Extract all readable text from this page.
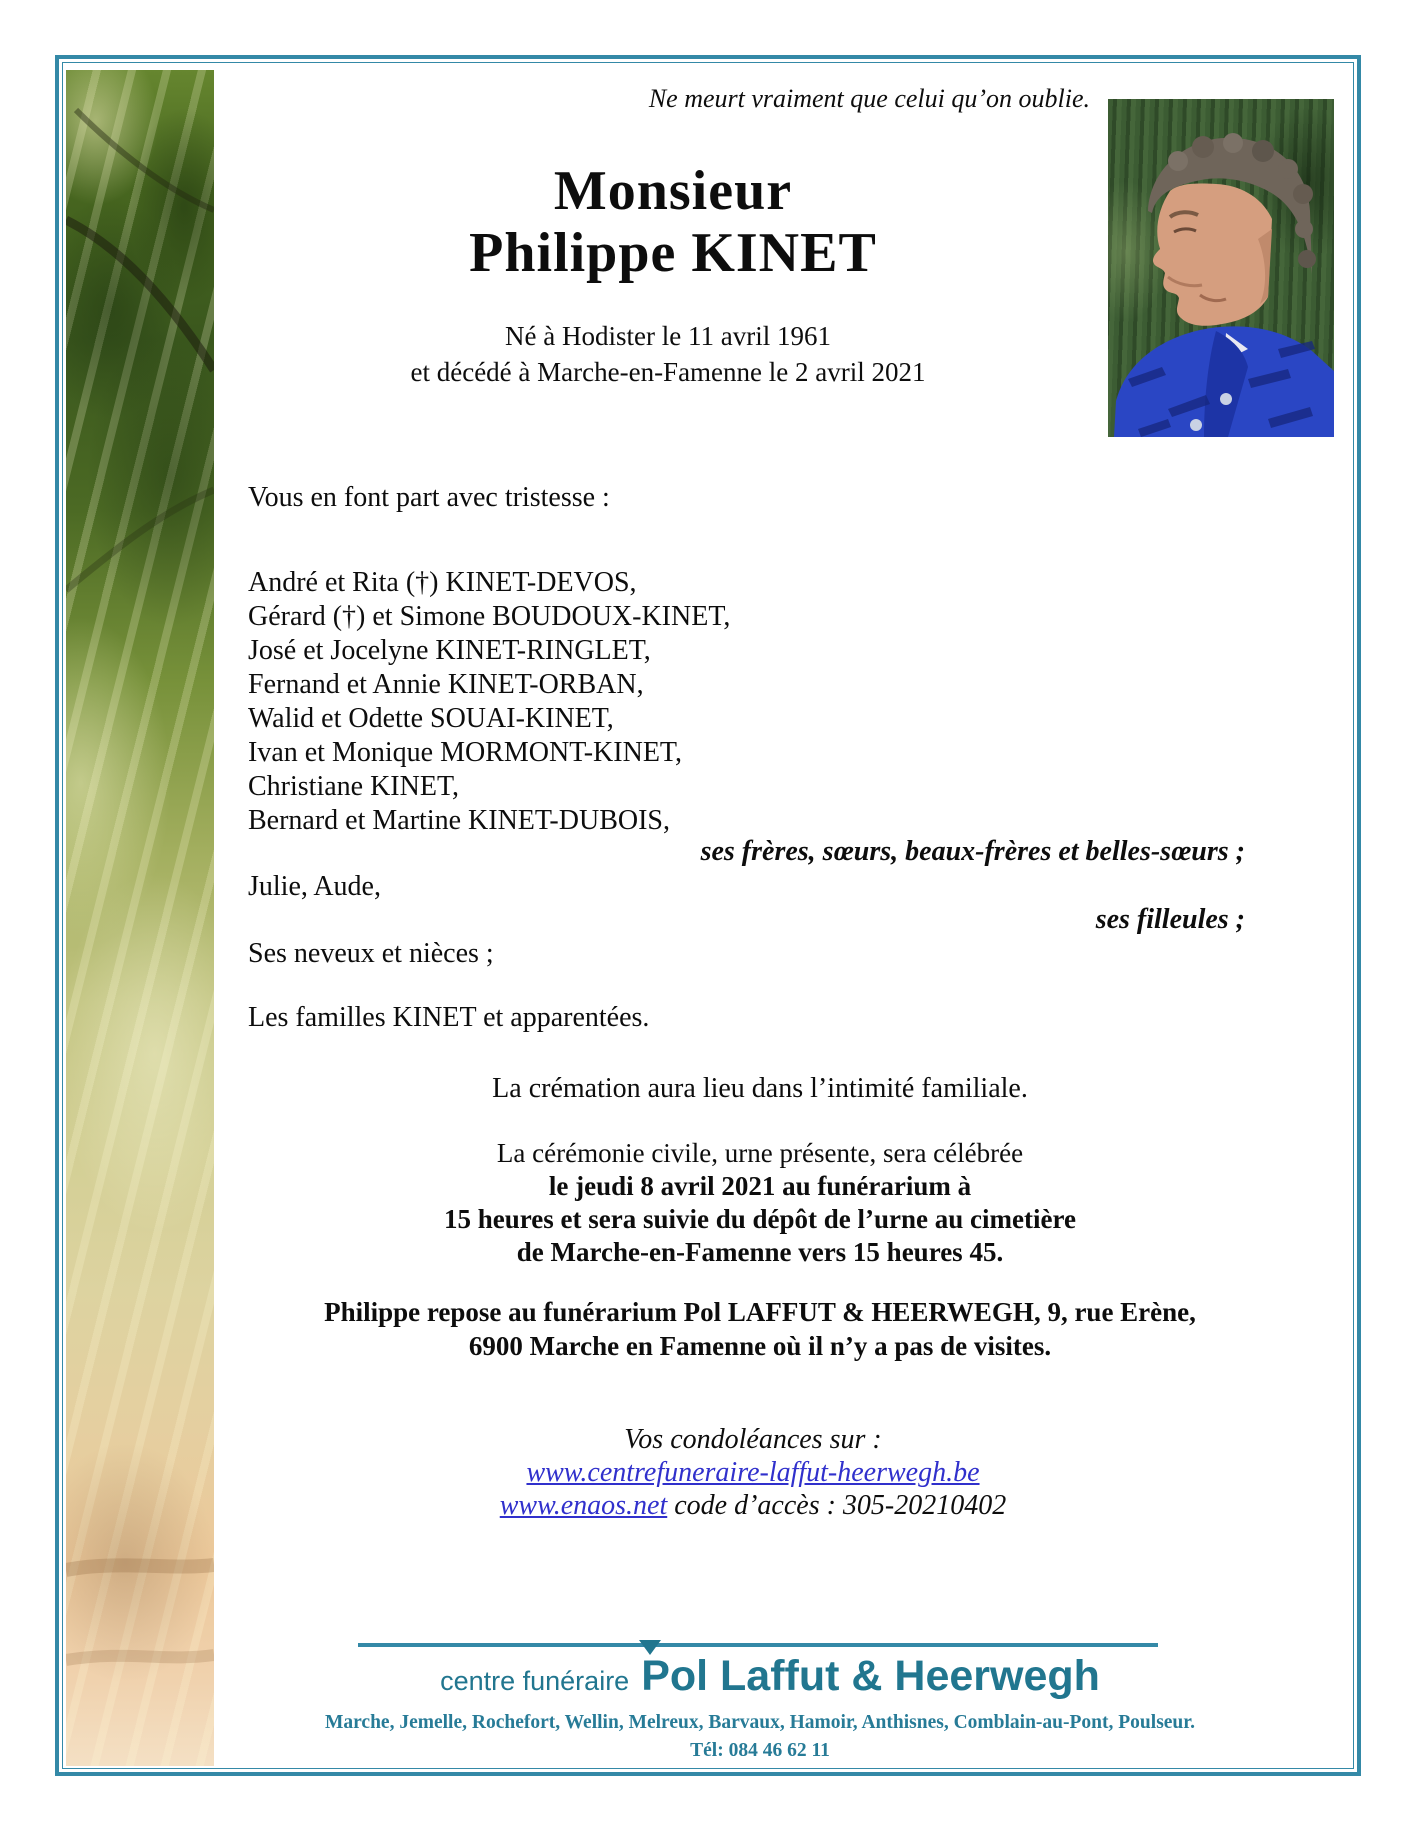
Ne meurt vraiment que celui qu’on oublie.
Monsieur
Philippe KINET
Né à Hodister le 11 avril 1961
et décédé à Marche-en-Famenne le 2 avril 2021
Vous en font part avec tristesse :
André et Rita (†) KINET-DEVOS,
Gérard (†) et Simone BOUDOUX-KINET,
José et Jocelyne KINET-RINGLET,
Fernand et Annie KINET-ORBAN,
Walid et Odette SOUAI-KINET,
Ivan et Monique MORMONT-KINET,
Christiane KINET,
Bernard et Martine KINET-DUBOIS,
ses frères, sœurs, beaux-frères et belles-sœurs ;
Julie, Aude,
ses filleules ;
Ses neveux et nièces ;
Les familles KINET et apparentées.
La crémation aura lieu dans l’intimité familiale.
La cérémonie civile, urne présente, sera célébrée
le jeudi 8 avril 2021 au funérarium à
15 heures et sera suivie du dépôt de l’urne au cimetière
de Marche-en-Famenne vers 15 heures 45.
Philippe repose au funérarium Pol LAFFUT & HEERWEGH, 9, rue Erène,
6900 Marche en Famenne où il n’y a pas de visites.
Vos condoléances sur :
www.centrefuneraire-laffut-heerwegh.be
www.enaos.net code d’accès : 305-20210402
centre funéraire Pol Laffut & Heerwegh
Marche, Jemelle, Rochefort, Wellin, Melreux, Barvaux, Hamoir, Anthisnes, Comblain-au-Pont, Poulseur.
Tél: 084 46 62 11
